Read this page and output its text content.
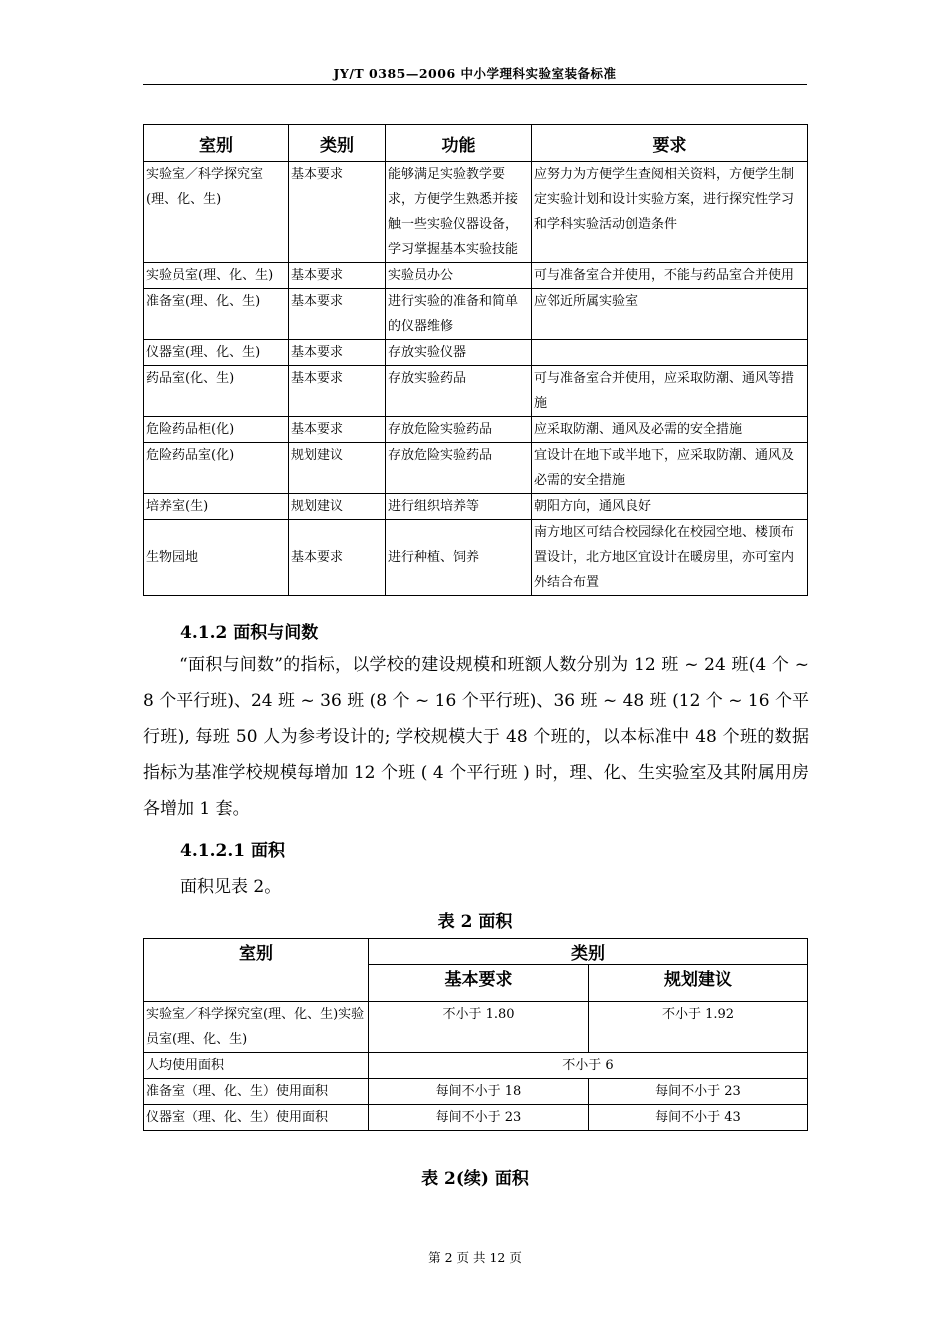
JY/T 0385—2006 中小学理科实验室装备标准
室别	类别	功能	要求
实验室／科学探究室(理、化、生)	基本要求	能够满足实验教学要求，方便学生熟悉并接触一些实验仪器设备，学习掌握基本实验技能	应努力为方便学生查阅相关资料，方便学生制定实验计划和设计实验方案，进行探究性学习和学科实验活动创造条件
实验员室(理、化、生)	基本要求	实验员办公	可与准备室合并使用，不能与药品室合并使用
准备室(理、化、生)	基本要求	进行实验的准备和简单的仪器维修	应邻近所属实验室
仪器室(理、化、生)	基本要求	存放实验仪器	
药品室(化、生)	基本要求	存放实验药品	可与准备室合并使用，应采取防潮、通风等措施
危险药品柜(化)	基本要求	存放危险实验药品	应采取防潮、通风及必需的安全措施
危险药品室(化)	规划建议	存放危险实验药品	宜设计在地下或半地下，应采取防潮、通风及必需的安全措施
培养室(生)	规划建议	进行组织培养等	朝阳方向，通风良好
生物园地	基本要求	进行种植、饲养	南方地区可结合校园绿化在校园空地、楼顶布置设计，北方地区宜设计在暖房里，亦可室内外结合布置
4.1.2 面积与间数
“面积与间数”的指标，以学校的建设规模和班额人数分别为 12 班 ~ 24 班(4 个 ~ 8 个平行班)、24 班 ~ 36 班 (8 个 ~ 16 个平行班)、36 班 ~ 48 班 (12 个 ~ 16 个平行班), 每班 50 人为参考设计的; 学校规模大于 48 个班的，以本标准中 48 个班的数据指标为基准学校规模每增加 12 个班 ( 4 个平行班 ) 时，理、化、生实验室及其附属用房各增加 1 套。
4.1.2.1 面积
面积见表 2。
表 2 面积
室别	类别	
	基本要求	规划建议
实验室／科学探究室(理、化、生)实验员室(理、化、生)	不小于 1.80	不小于 1.92
人均使用面积	不小于 6	
准备室（理、化、生）使用面积	每间不小于 18	每间不小于 23
仪器室（理、化、生）使用面积	每间不小于 23	每间不小于 43
表 2(续) 面积
第 2 页 共 12 页
